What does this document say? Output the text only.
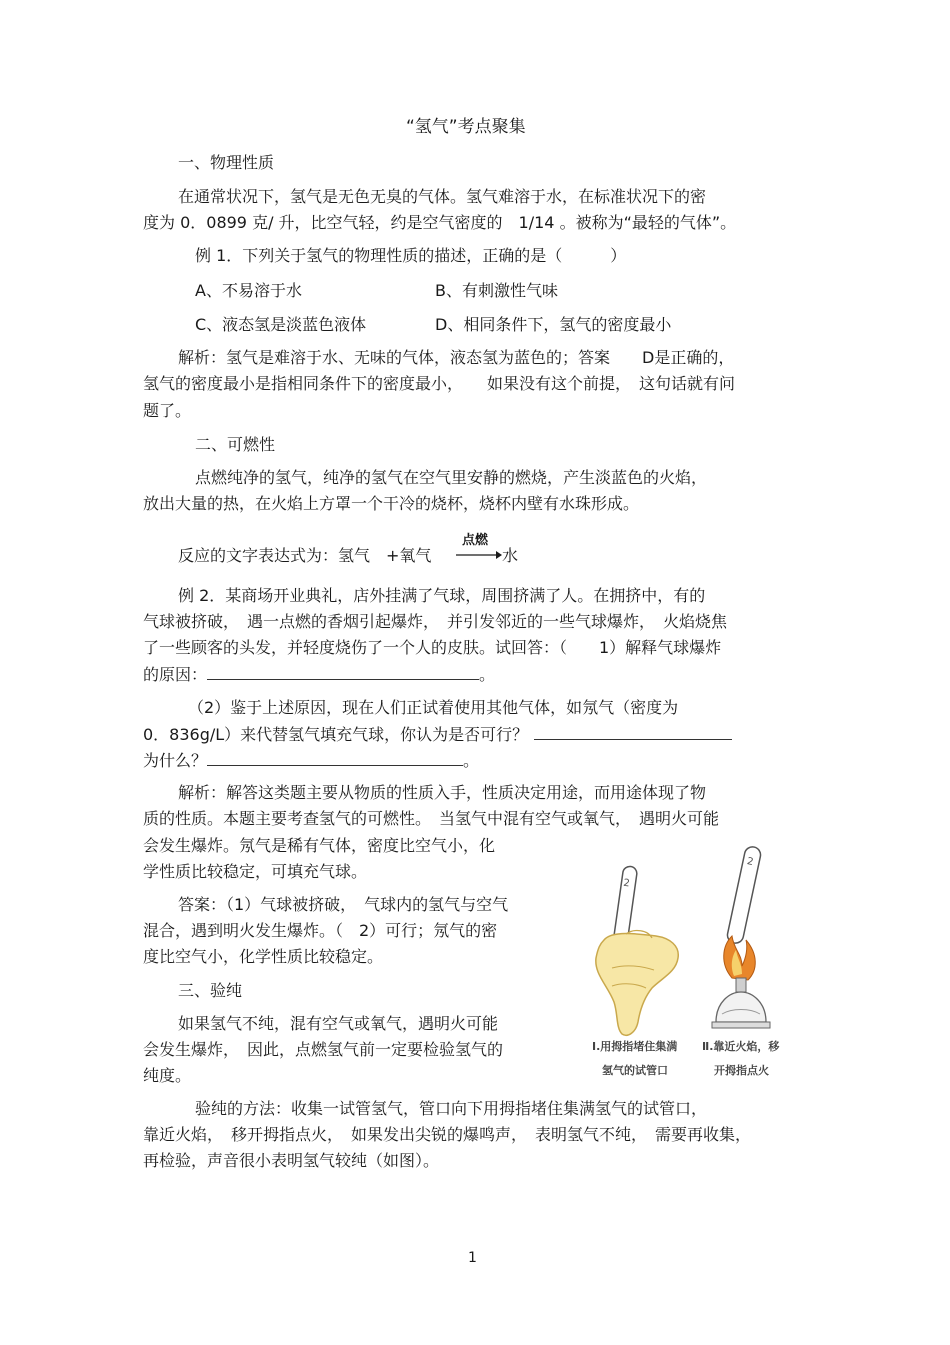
“氢气”考点聚集
一、物理性质
在通常状况下，氢气是无色无臭的气体。氢气难溶于水，在标准状况下的密
度为 0．0899 克/ 升，比空气轻，约是空气密度的　1/14 。被称为“最轻的气体”。
例 1．下列关于氢气的物理性质的描述，正确的是（　　　）
A、不易溶于水	B、有刺激性气味
C、液态氢是淡蓝色液体	D、相同条件下，氢气的密度最小
解析：氢气是难溶于水、无味的气体，液态氢为蓝色的；答案　　D是正确的，
氢气的密度最小是指相同条件下的密度最小，　　如果没有这个前提，　这句话就有问
题了。
二、可燃性
点燃纯净的氢气，纯净的氢气在空气里安静的燃烧，产生淡蓝色的火焰，
放出大量的热，在火焰上方罩一个干冷的烧杯，烧杯内壁有水珠形成。
反应的文字表达式为：氢气　+氧气
点燃
水
例 2．某商场开业典礼，店外挂满了气球，周围挤满了人。在拥挤中，有的
气球被挤破，　遇一点燃的香烟引起爆炸，　并引发邻近的一些气球爆炸，　火焰烧焦
了一些顾客的头发，并轻度烧伤了一个人的皮肤。试回答：（　　1）解释气球爆炸
的原因：	。
（2）鉴于上述原因，现在人们正试着使用其他气体，如氖气（密度为
0．836g/L）来代替氢气填充气球，你认为是否可行？
为什么？	。
解析：解答这类题主要从物质的性质入手，性质决定用途，而用途体现了物
质的性质。本题主要考查氢气的可燃性。　当氢气中混有空气或氧气，　遇明火可能
会发生爆炸。氖气是稀有气体，密度比空气小，化
学性质比较稳定，可填充气球。
答案：（1）气球被挤破，　气球内的氢气与空气
混合，遇到明火发生爆炸。（　2）可行；氖气的密
度比空气小，化学性质比较稳定。
三、验纯
如果氢气不纯，混有空气或氧气，遇明火可能
会发生爆炸，　因此，点燃氢气前一定要检验氢气的
纯度。
验纯的方法：收集一试管氢气，管口向下用拇指堵住集满氢气的试管口，
靠近火焰，　移开拇指点火，　如果发出尖锐的爆鸣声，　表明氢气不纯，　需要再收集，
再检验，声音很小表明氢气较纯（如图）。
2
2
Ⅰ.用拇指堵住集满
氢气的试管口
Ⅱ.靠近火焰，移
开拇指点火
1
